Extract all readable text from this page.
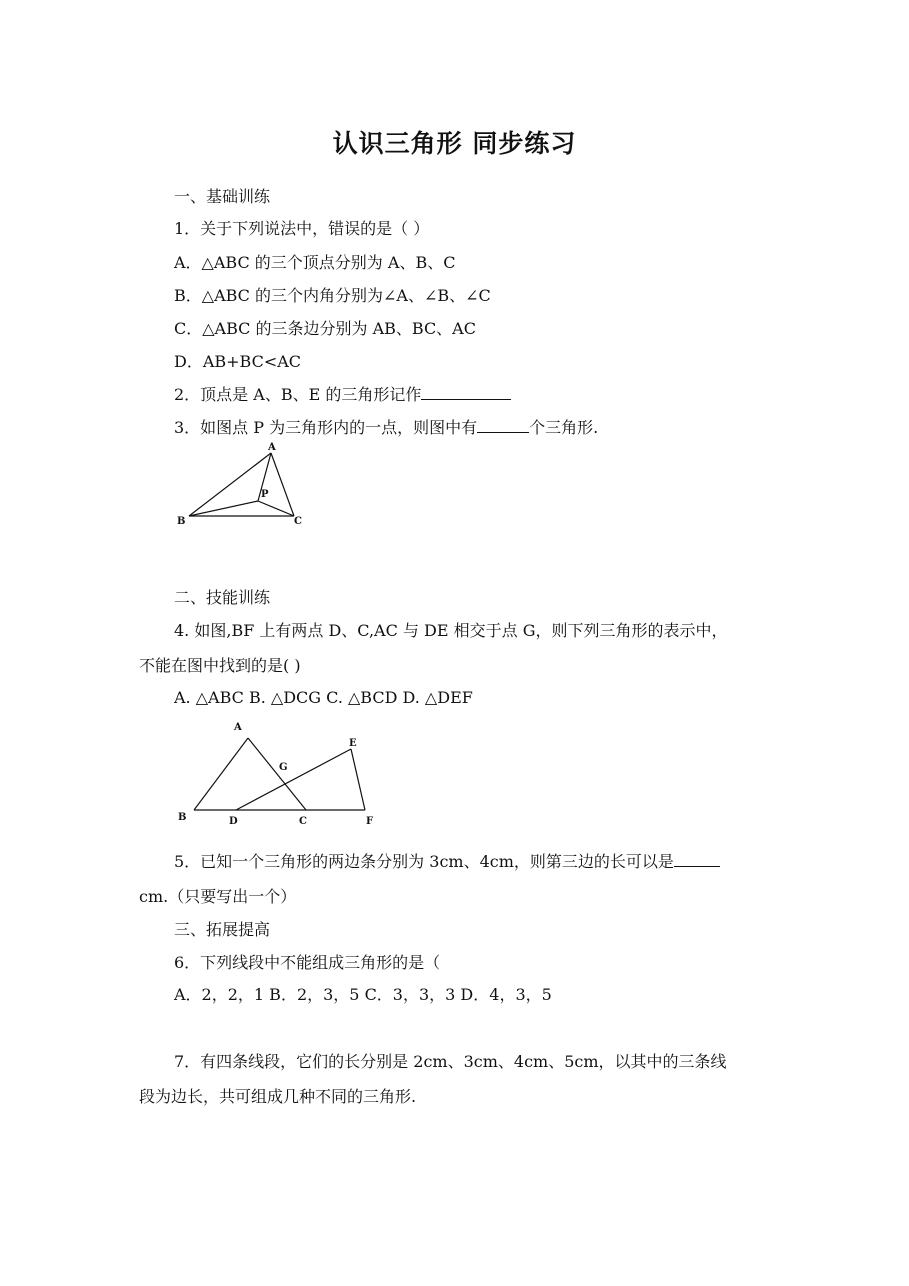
认识三角形 同步练习

一、基础训练

1．关于下列说法中，错误的是（ ）

A．△ABC 的三个顶点分别为 A、B、C

B．△ABC 的三个内角分别为∠A、∠B、∠C

C．△ABC 的三条边分别为 AB、BC、AC

D．AB+BC<AC

2．顶点是 A、B、E 的三角形记作

3．如图点 P 为三角形内的一点，则图中有	个三角形.

A
B	C
P

二、技能训练

4. 如图,BF 上有两点 D、C,AC 与 DE 相交于点 G，则下列三角形的表示中，

不能在图中找到的是( )

A. △ABC B. △DCG C. △BCD D. △DEF

A
B	D	C	F
E
G

5．已知一个三角形的两边条分别为 3cm、4cm，则第三边的长可以是

cm.（只要写出一个）

三、拓展提高

6．下列线段中不能组成三角形的是（

A．2，2，1 B．2，3，5 C．3，3，3 D．4，3，5

7．有四条线段，它们的长分别是 2cm、3cm、4cm、5cm，以其中的三条线

段为边长，共可组成几种不同的三角形.
